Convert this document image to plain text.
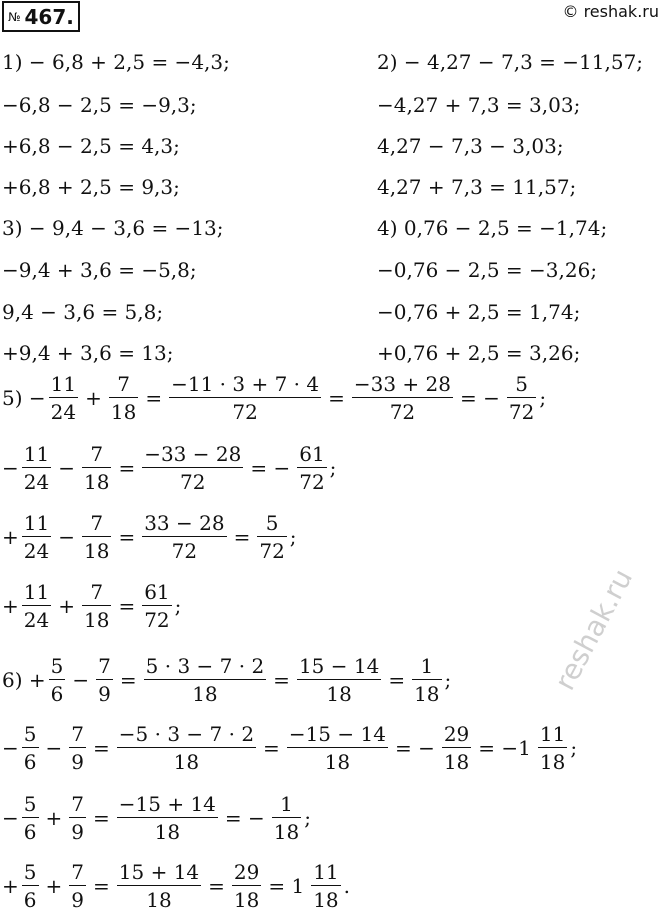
№ 467.	© reshak.ru
1) − 6,8 + 2,5 = −4,3;
−6,8 − 2,5 = −9,3;
+6,8 − 2,5 = 4,3;
+6,8 + 2,5 = 9,3;
2) − 4,27 − 7,3 = −11,57;
−4,27 + 7,3 = 3,03;
4,27 − 7,3 − 3,03;
4,27 + 7,3 = 11,57;
3) − 9,4 − 3,6 = −13;
−9,4 + 3,6 = −5,8;
9,4 − 3,6 = 5,8;
+9,4 + 3,6 = 13;
4) 0,76 − 2,5 = −1,74;
−0,76 − 2,5 = −3,26;
−0,76 + 2,5 = 1,74;
+0,76 + 2,5 = 3,26;
$5) - \frac{11}{24} + \frac{7}{18} = \frac{-11 \cdot 3 + 7 \cdot 4}{72} = \frac{-33 + 28}{72}$ = − $\frac{5}{72}$ ;
− $\frac{11}{24} - \frac{7}{18} = \frac{-33 - 28}{72}$ = − $\frac{61}{72}$ ;
+ $\frac{11}{24} - \frac{7}{18} = \frac{33 - 28}{72} = \frac{5}{72}$ ;
+ $\frac{11}{24} + \frac{7}{18} = \frac{61}{72}$ ;
$6) + \frac{5}{6} - \frac{7}{9} = \frac{5 \cdot 3 - 7 \cdot 2}{18} = \frac{15 - 14}{18} = \frac{1}{18}$ ;
− $\frac{5}{6} - \frac{7}{9} = \frac{-5 \cdot 3 - 7 \cdot 2}{18} = \frac{-15 - 14}{18}$ = − $\frac{29}{18} = -1 \frac{11}{18}$ ;
− $\frac{5}{6} + \frac{7}{9} = \frac{-15 + 14}{18}$ = − $\frac{1}{18}$ ;
+ $\frac{5}{6} + \frac{7}{9} = \frac{15 + 14}{18} = \frac{29}{18} = 1 \frac{11}{18}$ .
reshak.ru
